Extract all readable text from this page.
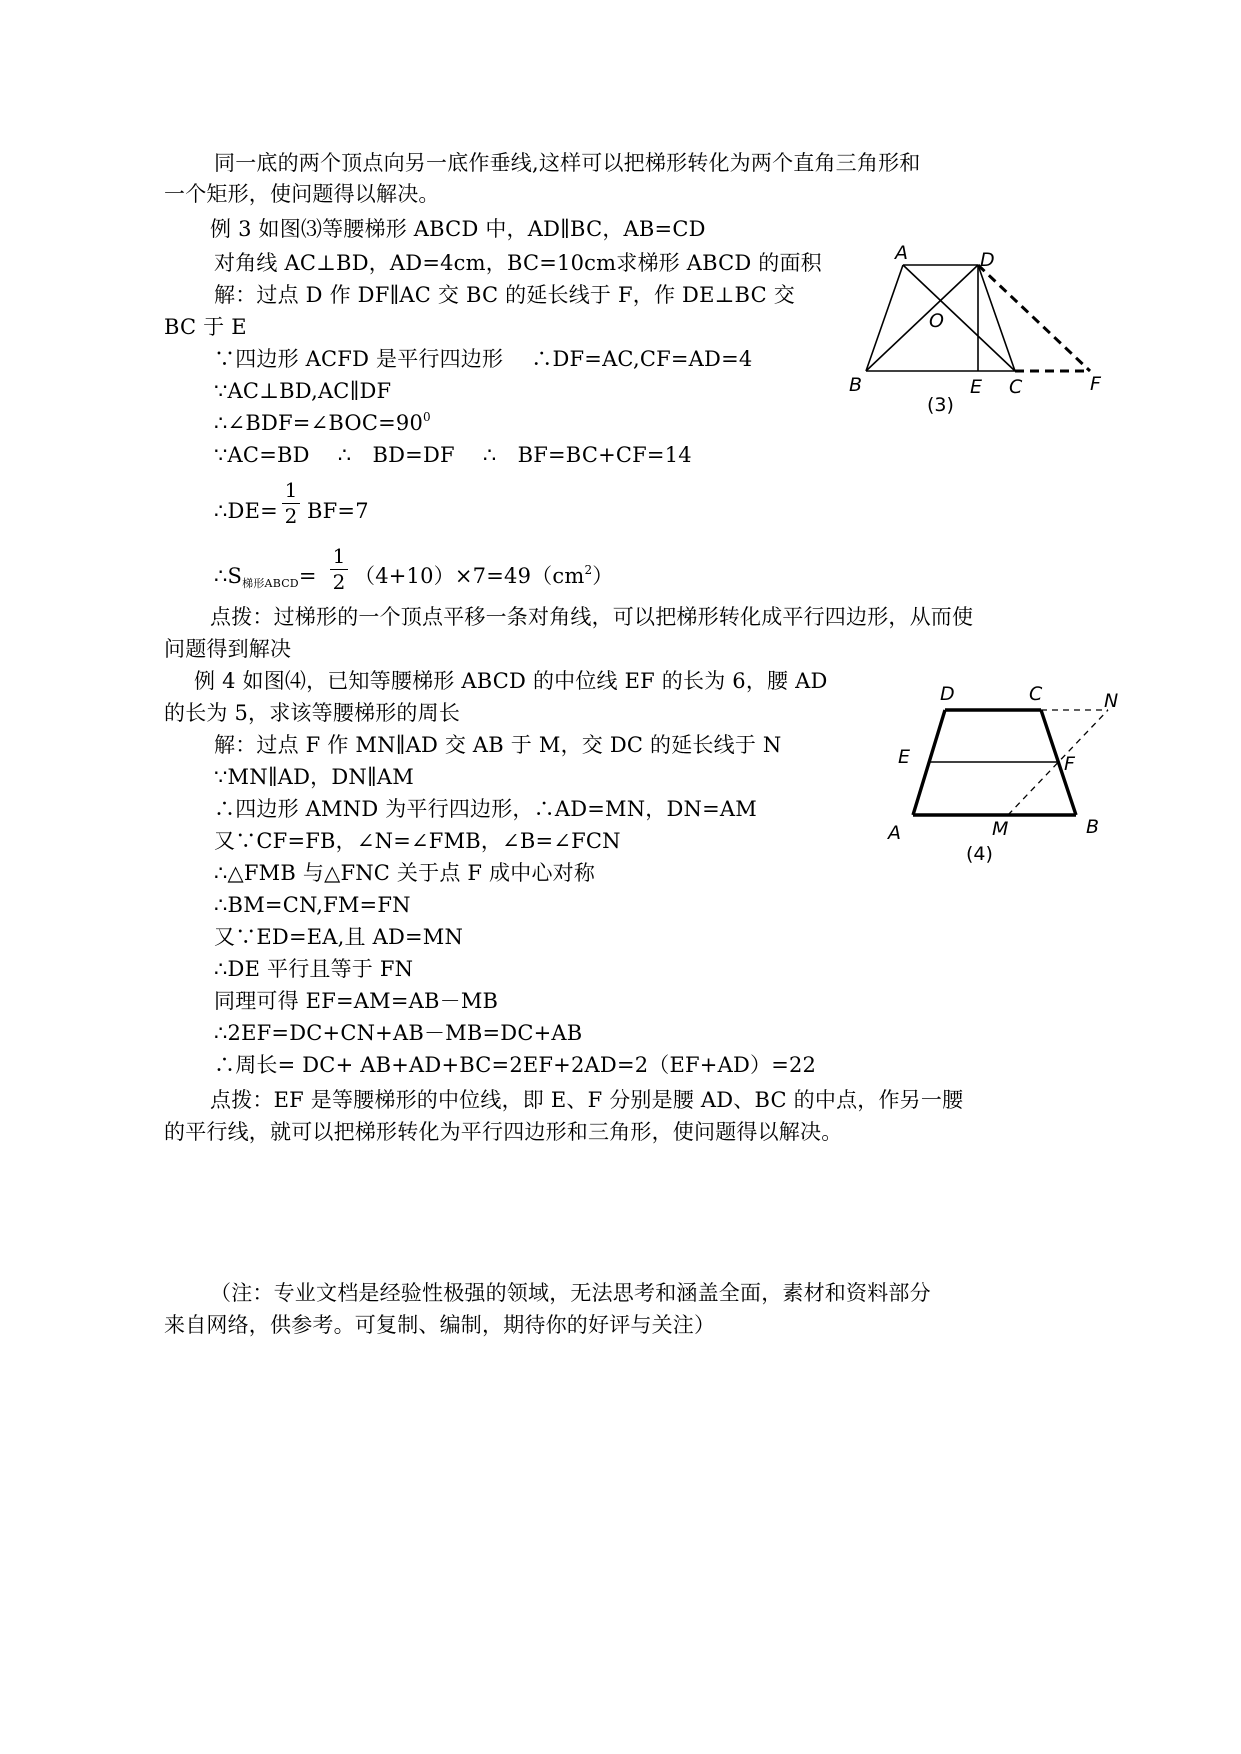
同一底的两个顶点向另一底作垂线,这样可以把梯形转化为两个直角三角形和
一个矩形，使问题得以解决。
例 3 如图⑶等腰梯形 ABCD 中，AD∥BC，AB=CD
对角线 AC⊥BD，AD=4cm，BC=10cm求梯形 ABCD 的面积
解：过点 D 作 DF∥AC 交 BC 的延长线于 F，作 DE⊥BC 交
BC 于 E
∵四边形 ACFD 是平行四边形　 ∴DF=AC,CF=AD=4
∵AC⊥BD,AC∥DF
$\therefore\angle BDF=\angle BOC=90^0$
∵AC=BD　 ∴　BD=DF　 ∴　BF=BC+CF=14
∴DE=
1
2 BF=7
∴S梯形ABCD=
1
2 $(4+10)\times 7=49(cm^2)$
点拨：过梯形的一个顶点平移一条对角线，可以把梯形转化成平行四边形，从而使
问题得到解决
例 4 如图⑷，已知等腰梯形 ABCD 的中位线 EF 的长为 6，腰 AD
的长为 5，求该等腰梯形的周长
解：过点 F 作 MN∥AD 交 AB 于 M，交 DC 的延长线于 N
∵MN∥AD，DN∥AM
∴四边形 AMND 为平行四边形，∴AD=MN，DN=AM
又∵CF=FB，∠N=∠FMB，∠B=∠FCN
∴△FMB 与△FNC 关于点 F 成中心对称
∴BM=CN,FM=FN
又∵ED=EA,且 AD=MN
∴DE 平行且等于 FN
同理可得 EF=AM=AB－MB
∴2EF=DC+CN+AB－MB=DC+AB
∴周长= DC+ AB+AD+BC=2EF+2AD=2（EF+AD）=22
点拨：EF 是等腰梯形的中位线，即 E、F 分别是腰 AD、BC 的中点，作另一腰
的平行线，就可以把梯形转化为平行四边形和三角形，使问题得以解决。
（注：专业文档是经验性极强的领域，无法思考和涵盖全面，素材和资料部分
来自网络，供参考。可复制、编制，期待你的好评与关注）
A	D
O
B	E C	F
(3)
D	C	N
E	F
A	M	B
(4)
